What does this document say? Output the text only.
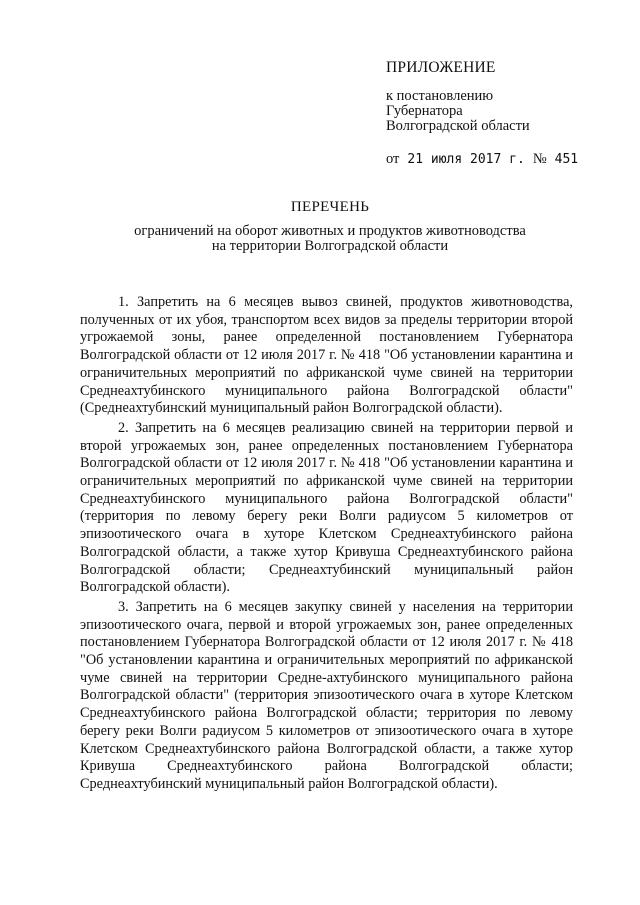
ПРИЛОЖЕНИЕ
к постановлению
Губернатора
Волгоградской области
от 21 июля 2017 г. № 451
ПЕРЕЧЕНЬ
ограничений на оборот животных и продуктов животноводства
на территории Волгоградской области

1. Запретить на 6 месяцев вывоз свиней, продуктов животноводства, полученных от их убоя, транспортом всех видов за пределы территории второй угрожаемой зоны, ранее определенной постановлением Губернатора Волгоградской области от 12 июля 2017 г. № 418 "Об установлении карантина и ограничительных мероприятий по африканской чуме свиней на территории Среднеахтубинского муниципального района Волгоградской области" (Среднеахтубинский муниципальный район Волгоградской области).

2. Запретить на 6 месяцев реализацию свиней на территории первой и второй угрожаемых зон, ранее определенных постановлением Губернатора Волгоградской области от 12 июля 2017 г. № 418 "Об установлении карантина и ограничительных мероприятий по африканской чуме свиней на территории Среднеахтубинского муниципального района Волгоградской области" (территория по левому берегу реки Волги радиусом 5 километров от эпизоотического очага в хуторе Клетском Среднеахтубинского района Волгоградской области, а также хутор Кривуша Среднеахтубинского района Волгоградской области; Среднеахтубинский муниципальный район Волгоградской области).

3. Запретить на 6 месяцев закупку свиней у населения на территории эпизоотического очага, первой и второй угрожаемых зон, ранее определенных постановлением Губернатора Волгоградской области от 12 июля 2017 г. № 418 "Об установлении карантина и ограничительных мероприятий по африканской чуме свиней на территории Средне-ахтубинского муниципального района Волгоградской области" (территория эпизоотического очага в хуторе Клетском Среднеахтубинского района Волгоградской области; территория по левому берегу реки Волги радиусом 5 километров от эпизоотического очага в хуторе Клетском Среднеахтубинского района Волгоградской области, а также хутор Кривуша Среднеахтубинского района Волгоградской области; Среднеахтубинский муниципальный район Волгоградской области).
